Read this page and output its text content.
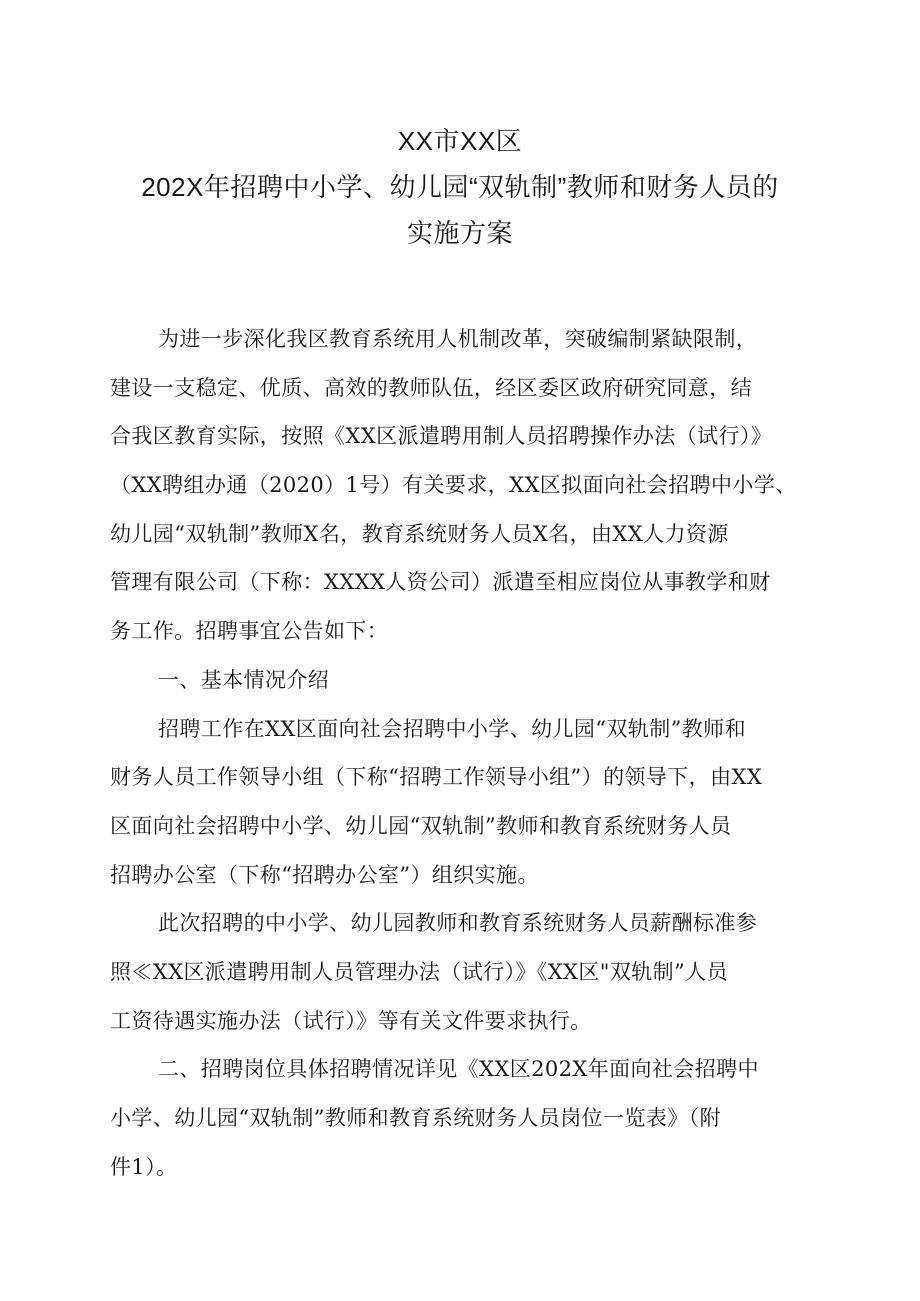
XX市XX区
202X年招聘中小学、幼儿园“双轨制”教师和财务人员的
实施方案
为进一步深化我区教育系统用人机制改革，突破编制紧缺限制，
建设一支稳定、优质、高效的教师队伍，经区委区政府研究同意，结
合我区教育实际，按照《XX区派遣聘用制人员招聘操作办法（试行）》
（XX聘组办通（2020）1号）有关要求，XX区拟面向社会招聘中小学、
幼儿园“双轨制”教师X名，教育系统财务人员X名，由XX人力资源
管理有限公司（下称：XXXX人资公司）派遣至相应岗位从事教学和财
务工作。招聘事宜公告如下：
一、基本情况介绍
招聘工作在XX区面向社会招聘中小学、幼儿园“双轨制”教师和
财务人员工作领导小组（下称“招聘工作领导小组”）的领导下，由XX
区面向社会招聘中小学、幼儿园“双轨制”教师和教育系统财务人员
招聘办公室（下称“招聘办公室”）组织实施。
此次招聘的中小学、幼儿园教师和教育系统财务人员薪酬标准参
照≪XX区派遣聘用制人员管理办法（试行）》《XX区"双轨制”人员
工资待遇实施办法（试行）》等有关文件要求执行。
二、招聘岗位具体招聘情况详见《XX区202X年面向社会招聘中
小学、幼儿园“双轨制”教师和教育系统财务人员岗位一览表》（附
件1）。
